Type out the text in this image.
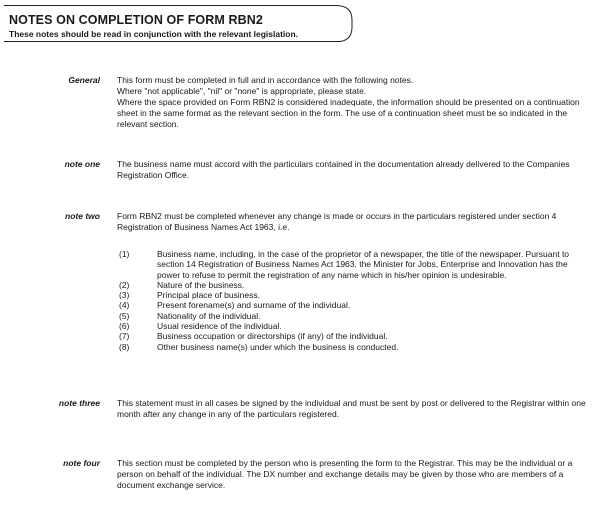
NOTES ON COMPLETION OF FORM RBN2
These notes should be read in conjunction with the relevant legislation.
General This form must be completed in full and in accordance with the following notes.

Where "not applicable", "nil" or "none" is appropriate, please state.

Where the space provided on Form RBN2 is considered inadequate, the information should be presented on a continuation sheet in the same format as the relevant section in the form. The use of a continuation sheet must be so indicated in the relevant section.

note one The business name must accord with the particulars contained in the documentation already delivered to the Companies Registration Office.

note two Form RBN2 must be completed whenever any change is made or occurs in the particulars registered under section 4 Registration of Business Names Act 1963, i.e.

(1)	Business name, including, in the case of the proprietor of a newspaper, the title of the newspaper. Pursuant to section 14 Registration of Business Names Act 1963, the Minister for Jobs, Enterprise and Innovation has the power to refuse to permit the registration of any name which in his/her opinion is undesirable.
(2)	Nature of the business.
(3)	Principal place of business.
(4)	Present forename(s) and surname of the individual.
(5)	Nationality of the individual.
(6)	Usual residence of the individual.
(7)	Business occupation or directorships (if any) of the individual.
(8)	Other business name(s) under which the business is conducted.
note three This statement must in all cases be signed by the individual and must be sent by post or delivered to the Registrar within one month after any change in any of the particulars registered.

note four This section must be completed by the person who is presenting the form to the Registrar. This may be the individual or a person on behalf of the individual. The DX number and exchange details may be given by those who are members of a document exchange service.
